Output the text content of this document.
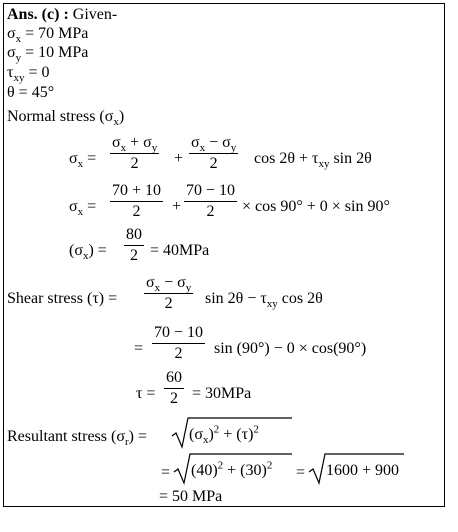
Ans. (c) : Given-
$\sigma_x = 70$ MPa
$\sigma_y = 10$ MPa
$\tau_{xy} = 0$
θ = 45°
Normal stress $(\sigma_x)$
$\sigma_x = \frac{\sigma_x + \sigma_y}{2} + \frac{\sigma_x - \sigma_y}{2}$ $\cos 2\theta + \tau_{xy}$ sin 2θ
$\sigma_x = \frac{70 + 10}{2} + \frac{70 - 10}{2} \times \cos 90^\circ + 0 \times \sin 90^\circ$
$(\sigma_x) = \frac{80}{2} = 40MPa$
Shear stress $(\tau) = \frac{\sigma_x - \sigma_y}{2}$ $\sin 2\theta - \tau_{xy}$ cos 2θ
= $\frac{70 - 10}{2}$ sin (90°) − 0 × cos(90°)
$\tau = \frac{60}{2} = 30MPa$
Resultant stress $(\sigma_r)$ =	$(\sigma_x)^2 + (\tau)^2$
= $(40)^2 + (30)^2 = 1600 + 900$
= 50 MPa
